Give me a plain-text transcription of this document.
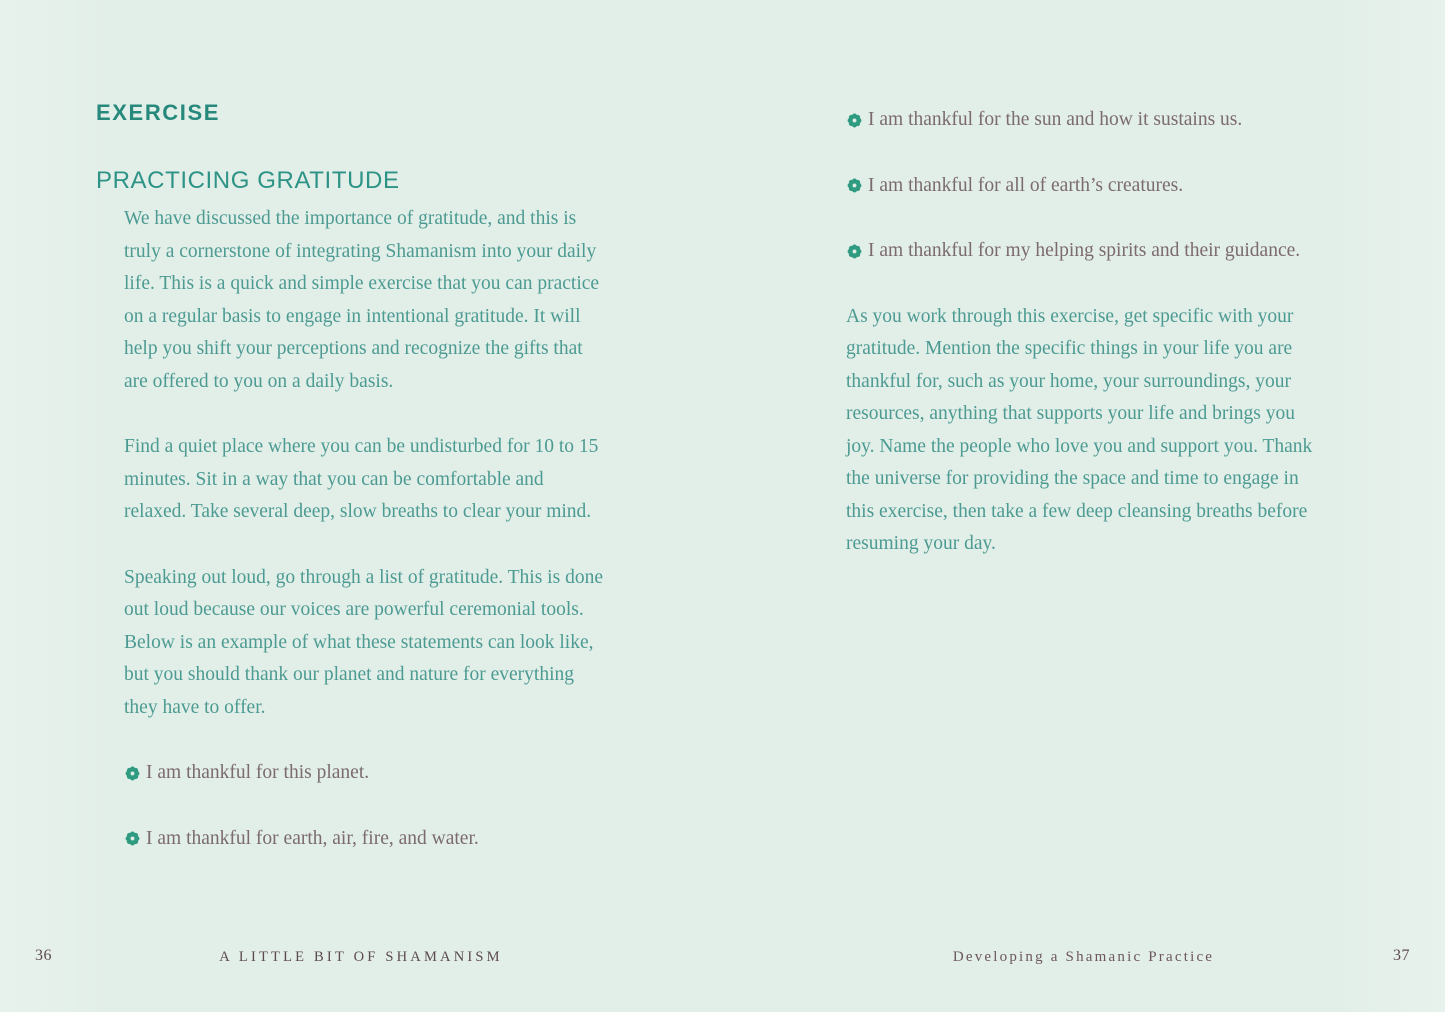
EXERCISE
PRACTICING GRATITUDE

We have discussed the importance of gratitude, and this is truly a cornerstone of integrating Shamanism into your daily life. This is a quick and simple exercise that you can practice on a regular basis to engage in intentional gratitude. It will help you shift your perceptions and recognize the gifts that are offered to you on a daily basis.

Find a quiet place where you can be undisturbed for 10 to 15 minutes. Sit in a way that you can be comfortable and relaxed. Take several deep, slow breaths to clear your mind.

Speaking out loud, go through a list of gratitude. This is done out loud because our voices are powerful ceremonial tools. Below is an example of what these statements can look like, but you should thank our planet and nature for everything they have to offer.

I am thankful for this planet.
I am thankful for earth, air, fire, and water.
I am thankful for the sun and how it sustains us.
I am thankful for all of earth’s creatures.
I am thankful for my helping spirits and their guidance.

As you work through this exercise, get specific with your gratitude. Mention the specific things in your life you are thankful for, such as your home, your surroundings, your resources, anything that supports your life and brings you joy. Name the people who love you and support you. Thank the universe for providing the space and time to engage in this exercise, then take a few deep cleansing breaths before resuming your day.

36	A LITTLE BIT OF SHAMANISM	Developing a Shamanic Practice	37
